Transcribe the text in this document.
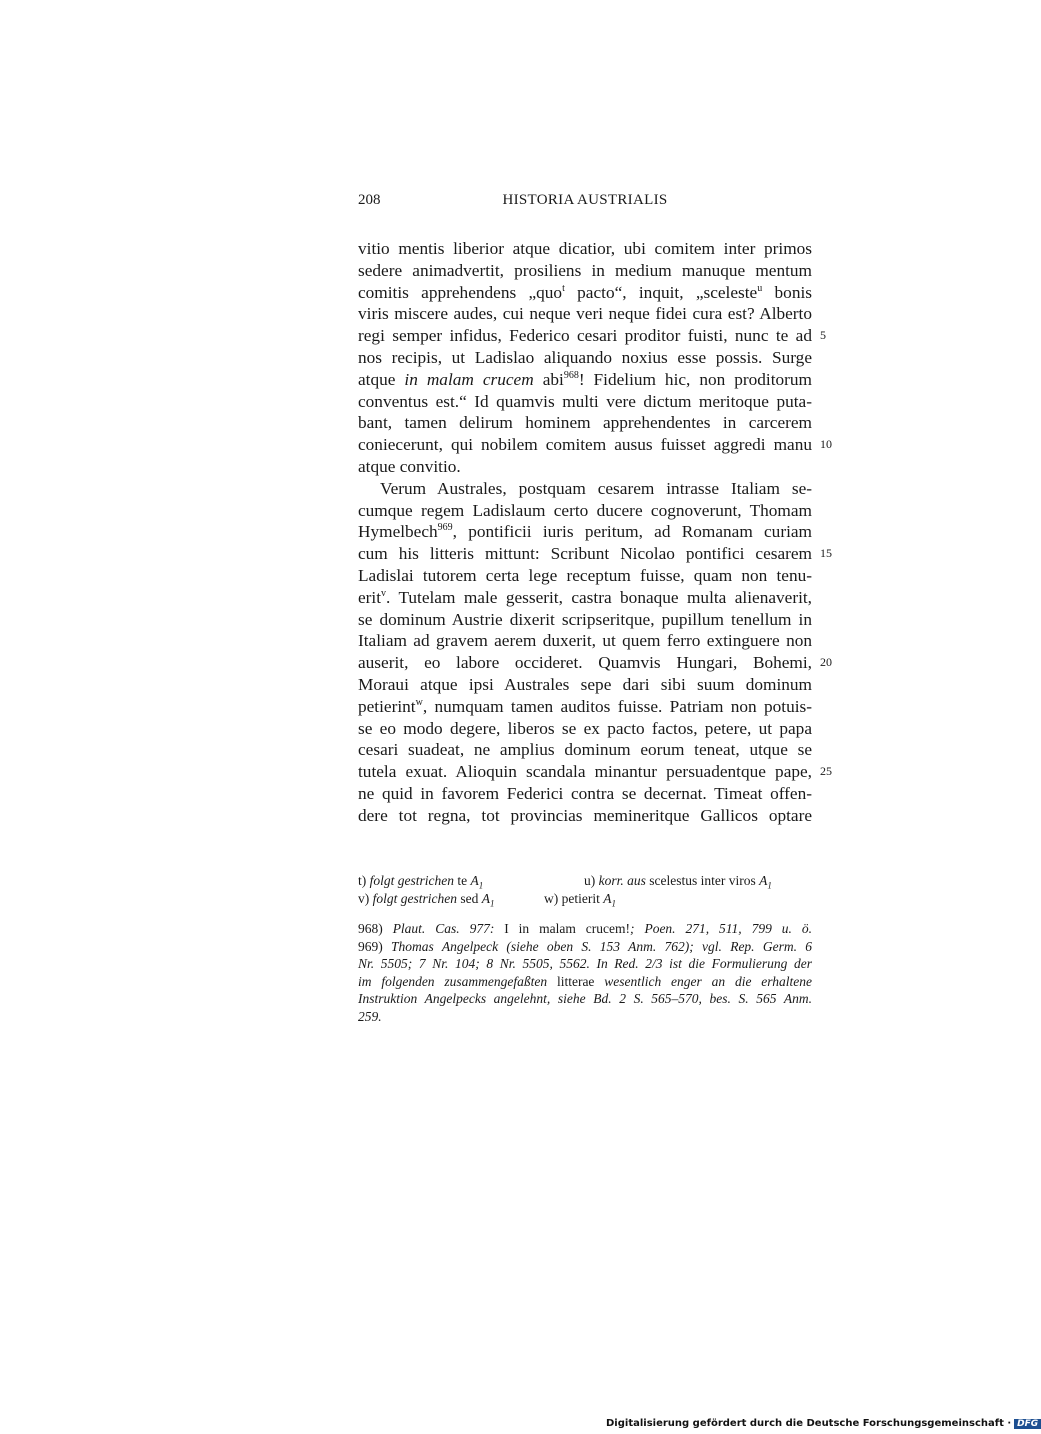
208	HISTORIA AUSTRIALIS
vitio mentis liberior atque dicatior, ubi comitem inter primos
sedere animadvertit, prosiliens in medium manuque mentum
comitis apprehendens „quo$^t$ pacto“, inquit, „sceleste$^u$ bonis
viris miscere audes, cui neque veri neque fidei cura est? Alberto
regi semper infidus, Federico cesari proditor fuisti, nunc te ad 5
nos recipis, ut Ladislao aliquando noxius esse possis. Surge
atque in malam crucem abi$^{968}$! Fidelium hic, non proditorum
conventus est.“ Id quamvis multi vere dictum meritoque puta-
bant, tamen delirum hominem apprehendentes in carcerem
coniecerunt, qui nobilem comitem ausus fuisset aggredi manu 10
atque convitio.
Verum Australes, postquam cesarem intrasse Italiam se-
cumque regem Ladislaum certo ducere cognoverunt, Thomam
Hymelbech$^{969}$, pontificii iuris peritum, ad Romanam curiam
cum his litteris mittunt: Scribunt Nicolao pontifici cesarem 15
Ladislai tutorem certa lege receptum fuisse, quam non tenu-
erit$^v$. Tutelam male gesserit, castra bonaque multa alienaverit,
se dominum Austrie dixerit scripseritque, pupillum tenellum in
Italiam ad gravem aerem duxerit, ut quem ferro extinguere non
auserit, eo labore occideret. Quamvis Hungari, Bohemi, 20
Moraui atque ipsi Australes sepe dari sibi suum dominum
petierint$^w$, numquam tamen auditos fuisse. Patriam non potuis-
se eo modo degere, liberos se ex pacto factos, petere, ut papa
cesari suadeat, ne amplius dominum eorum teneat, utque se
tutela exuat. Alioquin scandala minantur persuadentque pape, 25
ne quid in favorem Federici contra se decernat. Timeat offen-
dere tot regna, tot provincias memineritque Gallicos optare
t) folgt gestrichen te $A_1$	u) korr. aus scelestus inter viros $A_1$
v) folgt gestrichen sed $A_1$	w) petierit $A_1$
968) Plaut. Cas. 977: I in malam crucem!; Poen. 271, 511, 799 u. ö.
969) Thomas Angelpeck (siehe oben S. 153 Anm. 762); vgl. Rep. Germ. 6
Nr. 5505; 7 Nr. 104; 8 Nr. 5505, 5562. In Red. 2/3 ist die Formulierung der
im folgenden zusammengefaßten litterae wesentlich enger an die erhaltene
Instruktion Angelpecks angelehnt, siehe Bd. 2 S. 565–570, bes. S. 565 Anm.
259.
Digitalisierung gefördert durch die Deutsche Forschungsgemeinschaft · DFG
